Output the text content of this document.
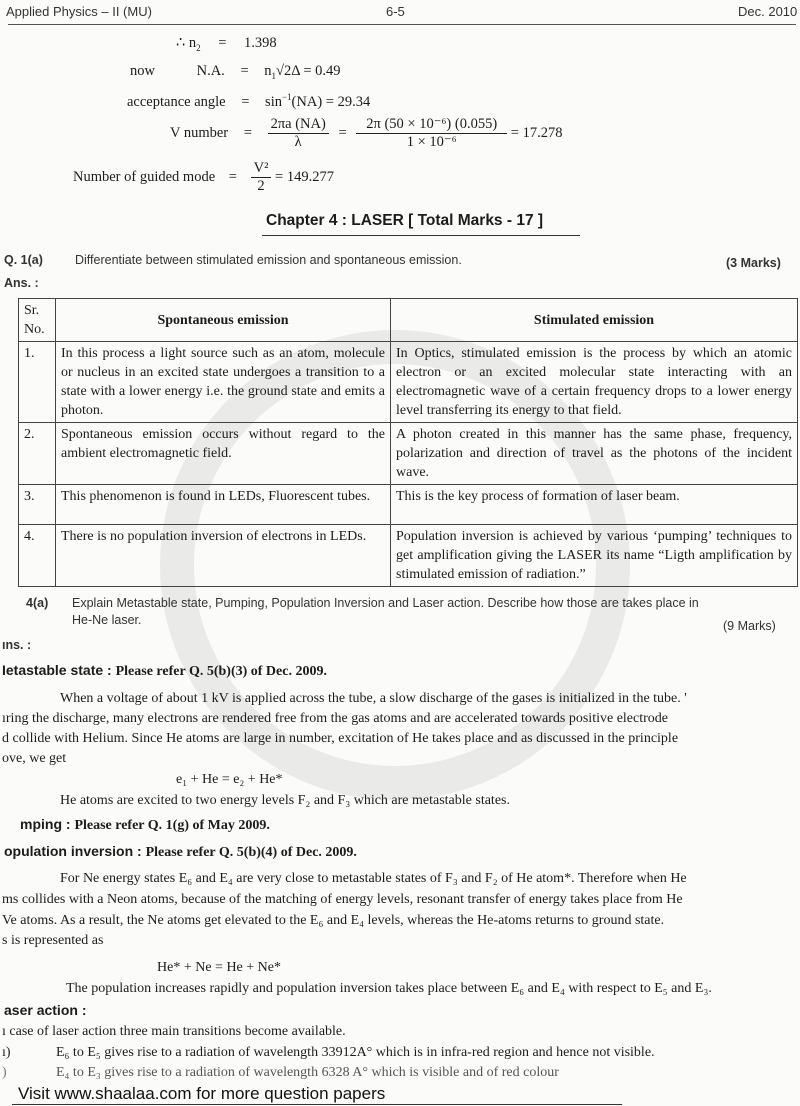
Applied Physics – II (MU)	6-5	Dec. 2010
∴ $n_2 = 1.398$
now	N.A. = $n_1√2\Delta = 0.49$
acceptance angle = $\sin^{-1}(NA) = 29.34$
V number = $\frac{2\pi a (NA)}{\lambda} = \frac{\text{2π (50 × 10⁻⁶) (0.055)}}{\text{1 × 10⁻⁶}} = 17.278$
Number of guided mode = $\frac{\text{V²}}{2} = 149.277$
Chapter 4 : LASER [ Total Marks - 17 ]
Q. 1(a)	Differentiate between stimulated emission and spontaneous emission.	(3 Marks)
Ans. :
Sr. No.	Spontaneous emission	Stimulated emission
1.	In this process a light source such as an atom, molecule or nucleus in an excited state undergoes a transition to a state with a lower energy i.e. the ground state and emits a photon.	In Optics, stimulated emission is the process by which an atomic electron or an excited molecular state interacting with an electromagnetic wave of a certain frequency drops to a lower energy level transferring its energy to that field.
2.	Spontaneous emission occurs without regard to the ambient electromagnetic field.	A photon created in this manner has the same phase, frequency, polarization and direction of travel as the photons of the incident wave.
3.	This phenomenon is found in LEDs, Fluorescent tubes.	This is the key process of formation of laser beam.
4.	There is no population inversion of electrons in LEDs.	Population inversion is achieved by various ‘pumping’ techniques to get amplification giving the LASER its name “Ligth amplification by stimulated emission of radiation.”
4(a) Explain Metastable state, Pumping, Population Inversion and Laser action. Describe how those are takes place in
He-Ne laser.	(9 Marks)
ıns. :
Ietastable state : Please refer Q. 5(b)(3) of Dec. 2009.
When a voltage of about 1 kV is applied across the tube, a slow discharge of the gases is initialized in the tube. '
ıring the discharge, many electrons are rendered free from the gas atoms and are accelerated towards positive electrode
d collide with Helium. Since He atoms are large in number, excitation of He takes place and as discussed in the principle
ove, we get
e₁ + He = e₂ + He*
He atoms are excited to two energy levels F₂ and F₃ which are metastable states.
mping : Please refer Q. 1(g) of May 2009.
opulation inversion : Please refer Q. 5(b)(4) of Dec. 2009.
For Ne energy states E₆ and E₄ are very close to metastable states of F₃ and F₂ of He atom*. Therefore when He
ms collides with a Neon atoms, because of the matching of energy levels, resonant transfer of energy takes place from He
Ve atoms. As a result, the Ne atoms get elevated to the E₆ and E₄ levels, whereas the He-atoms returns to ground state.
s is represented as
He* + Ne = He + Ne*
The population increases rapidly and population inversion takes place between E₆ and E₄ with respect to E₅ and E₃.
aser action :
ı case of laser action three main transitions become available.
ı)	E₆ to E₅ gives rise to a radiation of wavelength 33912A° which is in infra-red region and hence not visible.
)	E₄ to E₃ gives rise to a radiation of wavelength 6328 A° which is visible and of red colour
Visit www.shaalaa.com for more question papers
